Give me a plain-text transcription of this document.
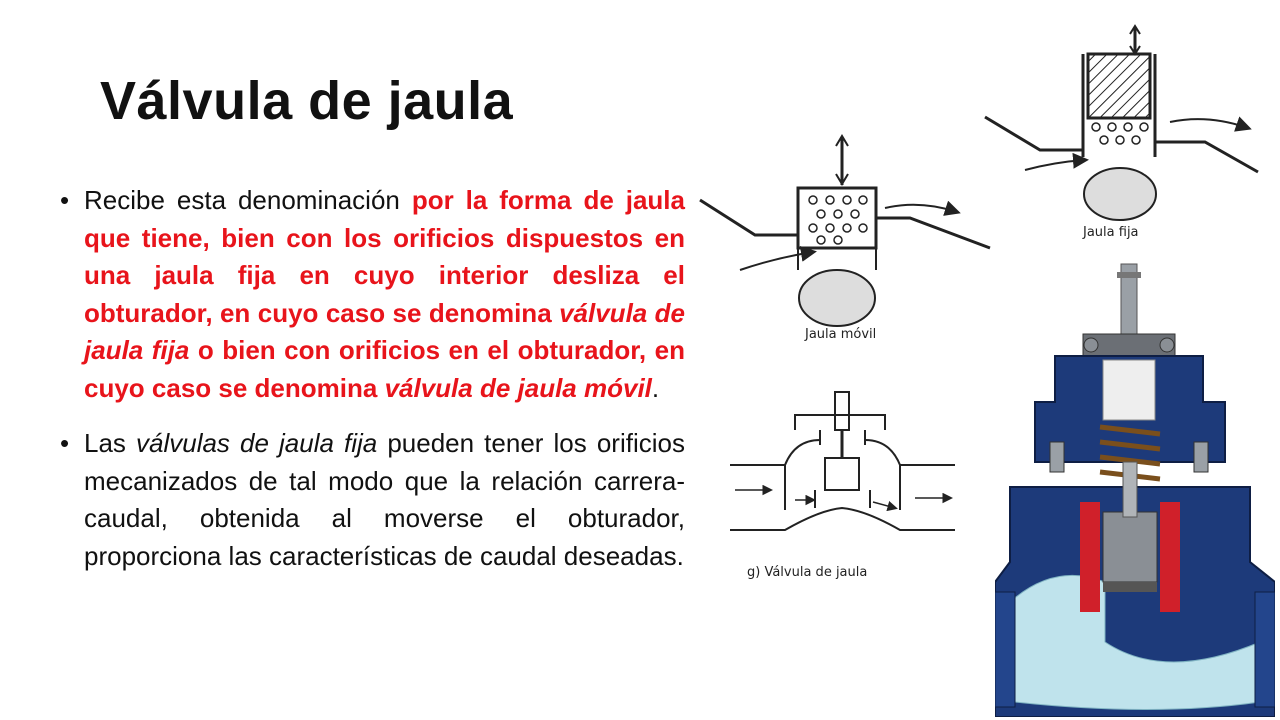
Válvula de jaula

• Recibe esta denominación por la forma de jaula que tiene, bien con los orificios dispuestos en una jaula fija en cuyo interior desliza el obturador, en cuyo caso se denomina válvula de jaula fija o bien con orificios en el obturador, en cuyo caso se denomina válvula de jaula móvil.

• Las válvulas de jaula fija pueden tener los orificios mecanizados de tal modo que la relación carrera-caudal, obtenida al moverse el obturador, proporciona las características de caudal deseadas.

Jaula móvil
Jaula fija
g) Válvula de jaula
